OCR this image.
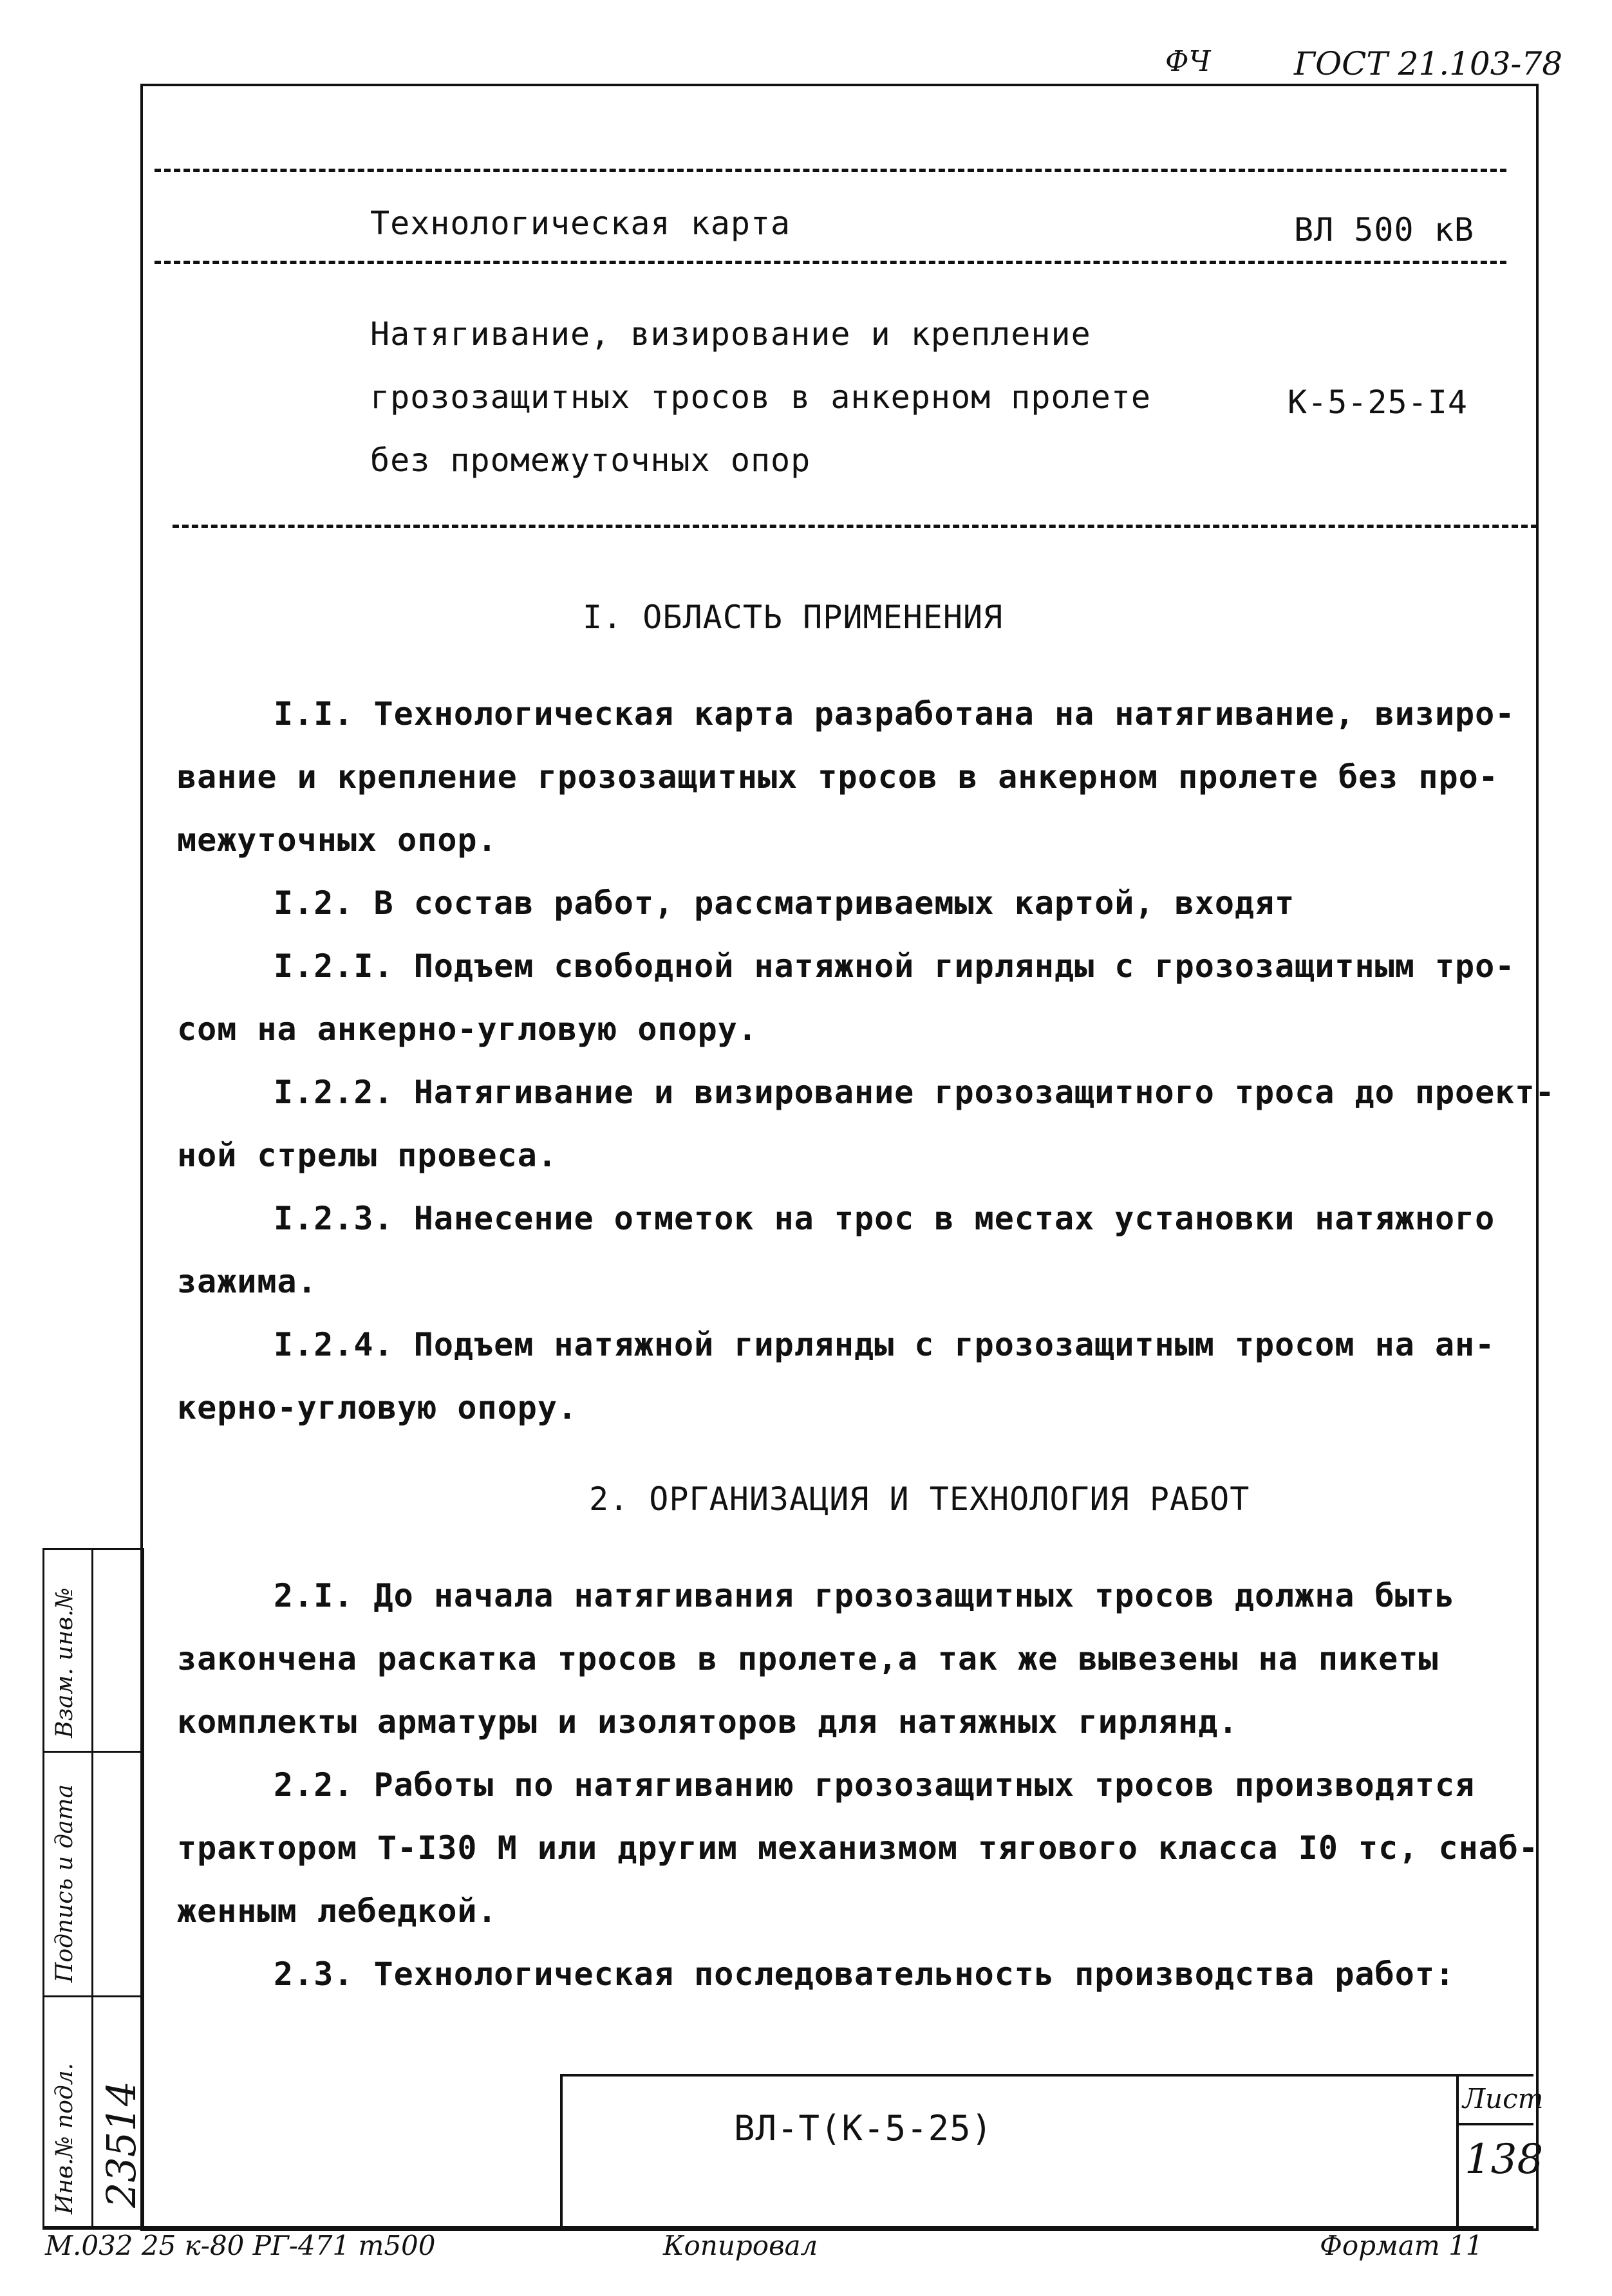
ФЧ	ГОСТ 21.103-78
Технологическая карта	ВЛ 500 кВ
Натягивание, визирование и крепление
грозозащитных тросов в анкерном пролете
без промежуточных опор
К-5-25-I4
I. ОБЛАСТЬ ПРИМЕНЕНИЯ
I.I. Технологическая карта разработана на натягивание, визиро-
вание и крепление грозозащитных тросов в анкерном пролете без про-
межуточных опор.
I.2. В состав работ, рассматриваемых картой, входят
I.2.I. Подъем свободной натяжной гирлянды с грозозащитным тро-
сом на анкерно-угловую опору.
I.2.2. Натягивание и визирование грозозащитного троса до проект-
ной стрелы провеса.
I.2.3. Нанесение отметок на трос в местах установки натяжного
зажима.
I.2.4. Подъем натяжной гирлянды с грозозащитным тросом на ан-
керно-угловую опору.
2. ОРГАНИЗАЦИЯ И ТЕХНОЛОГИЯ РАБОТ
2.I. До начала натягивания грозозащитных тросов должна быть
закончена раскатка тросов в пролете,а так же вывезены на пикеты
комплекты арматуры и изоляторов для натяжных гирлянд.
2.2. Работы по натягиванию грозозащитных тросов производятся
трактором Т-I30 М или другим механизмом тягового класса I0 тс, снаб-
женным лебедкой.
2.3. Технологическая последовательность производства работ:
ВЛ-Т(К-5-25)
Лист
138
Взам. инв.№
Подпись и дата
Инв.№ подл. 23514
М.032 25 к-80 РГ-471 т500	Копировал	Формат 11
